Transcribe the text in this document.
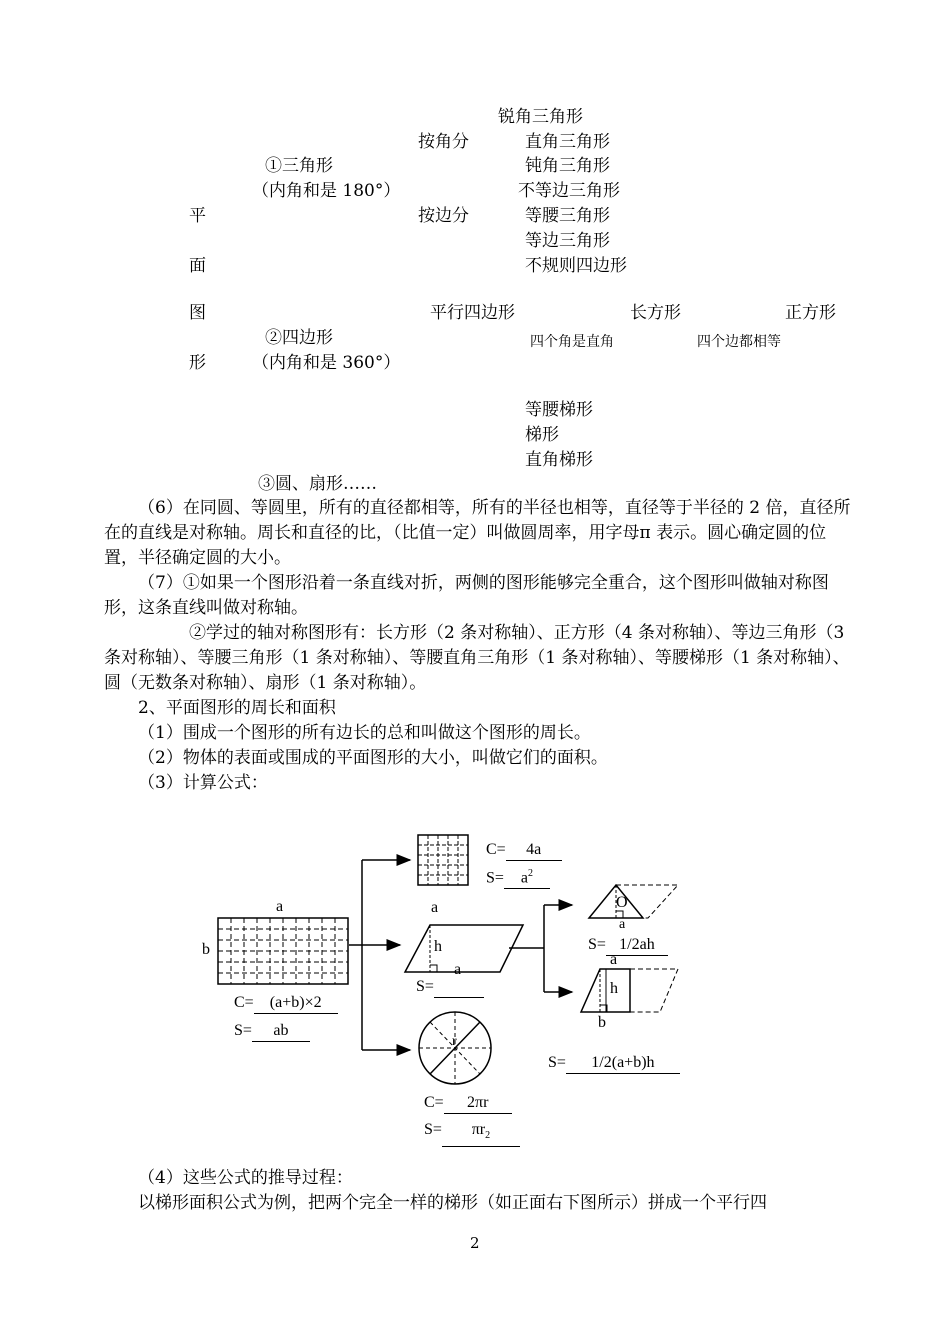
锐角三角形
按角分	直角三角形
①三角形	钝角三角形
（内角和是 180°）	不等边三角形
平	按边分	等腰三角形
等边三角形
面	不规则四边形
图	平行四边形	长方形	正方形
②四边形	四个角是直角	四个边都相等
形	（内角和是 360°）
等腰梯形
梯形
直角梯形
③圆、扇形……
（6）在同圆、等圆里，所有的直径都相等，所有的半径也相等，直径等于半径的 2 倍，直径所在的直线是对称轴。周长和直径的比，（比值一定）叫做圆周率，用字母π 表示。圆心确定圆的位置，半径确定圆的大小。
（7）①如果一个图形沿着一条直线对折，两侧的图形能够完全重合，这个图形叫做轴对称图形，这条直线叫做对称轴。
②学过的轴对称图形有：长方形（2 条对称轴）、正方形（4 条对称轴）、等边三角形（3 条对称轴）、等腰三角形（1 条对称轴）、等腰直角三角形（1 条对称轴）、等腰梯形（1 条对称轴）、圆（无数条对称轴）、扇形（1 条对称轴）。
2、平面图形的周长和面积
（1）围成一个图形的所有边长的总和叫做这个图形的周长。
（2）物体的表面或围成的平面图形的大小，叫做它们的面积。
（3）计算公式：
C= 4a
$S= a^2$
a
b
C= (a+b)×2
S= ab
a
h
a
S=
O
a
S= 1/2ah
a
h
b
S= 1/2(a+b)h
r
C= 2πr
$S= \pi r_2$
（4）这些公式的推导过程：
以梯形面积公式为例，把两个完全一样的梯形（如正面右下图所示）拼成一个平行四
2
